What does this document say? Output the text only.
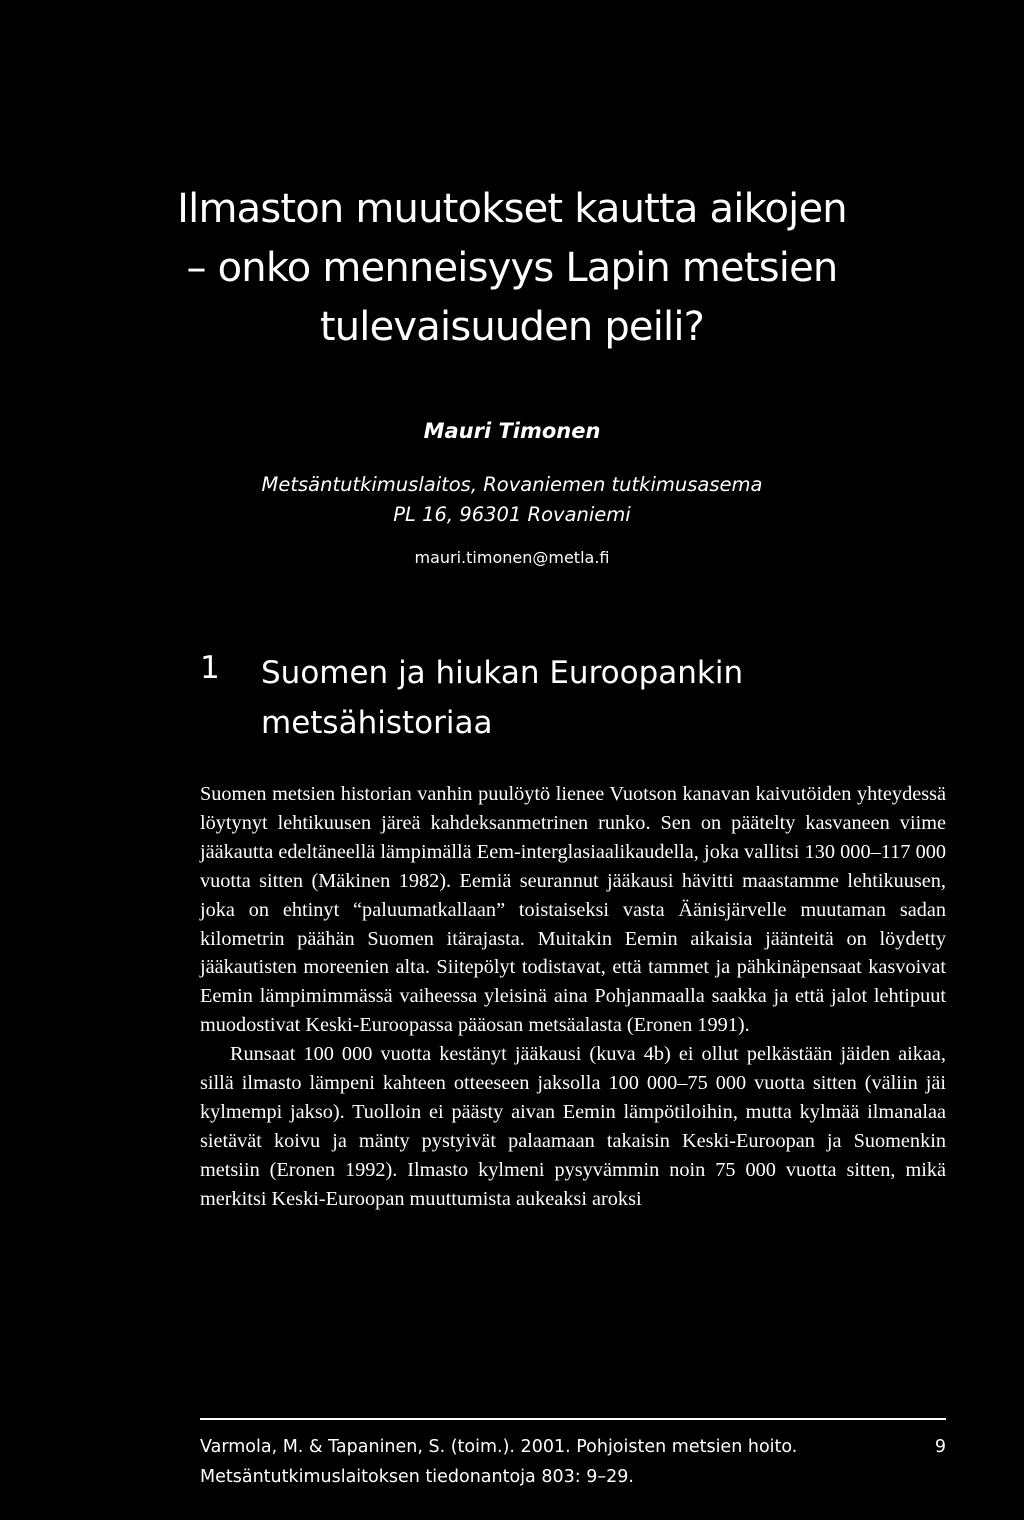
Ilmaston muutokset kautta aikojen
– onko menneisyys Lapin metsien
tulevaisuuden peili?
Mauri Timonen
Metsäntutkimuslaitos, Rovaniemen tutkimusasema
PL 16, 96301 Rovaniemi
mauri.timonen@metla.fi
1 Suomen ja hiukan Euroopankin
metsähistoriaa

Suomen metsien historian vanhin puulöytö lienee Vuotson kanavan kaivutöiden yhteydessä löytynyt lehtikuusen järeä kahdeksanmetrinen runko. Sen on päätelty kasvaneen viime jääkautta edeltäneellä lämpimällä Eem-interglasiaalikaudella, joka vallitsi 130 000–117 000 vuotta sitten (Mäkinen 1982). Eemiä seurannut jääkausi hävitti maastamme lehtikuusen, joka on ehtinyt “paluumatkallaan” toistaiseksi vasta Äänisjärvelle muutaman sadan kilometrin päähän Suomen itärajasta. Muitakin Eemin aikaisia jäänteitä on löydetty jääkautisten moreenien alta. Siitepölyt todistavat, että tammet ja pähkinäpensaat kasvoivat Eemin lämpimimmässä vaiheessa yleisinä aina Pohjanmaalla saakka ja että jalot lehtipuut muodostivat Keski-Euroopassa pääosan metsäalasta (Eronen 1991).

Runsaat 100 000 vuotta kestänyt jääkausi (kuva 4b) ei ollut pelkästään jäiden aikaa, sillä ilmasto lämpeni kahteen otteeseen jaksolla 100 000–75 000 vuotta sitten (väliin jäi kylmempi jakso). Tuolloin ei päästy aivan Eemin lämpötiloihin, mutta kylmää ilmanalaa sietävät koivu ja mänty pystyivät palaamaan takaisin Keski-Euroopan ja Suomenkin metsiin (Eronen 1992). Ilmasto kylmeni pysyvämmin noin 75 000 vuotta sitten, mikä merkitsi Keski-Euroopan muuttumista aukeaksi aroksi

Varmola, M. & Tapaninen, S. (toim.). 2001. Pohjoisten metsien hoito.	9
Metsäntutkimuslaitoksen tiedonantoja 803: 9–29.
